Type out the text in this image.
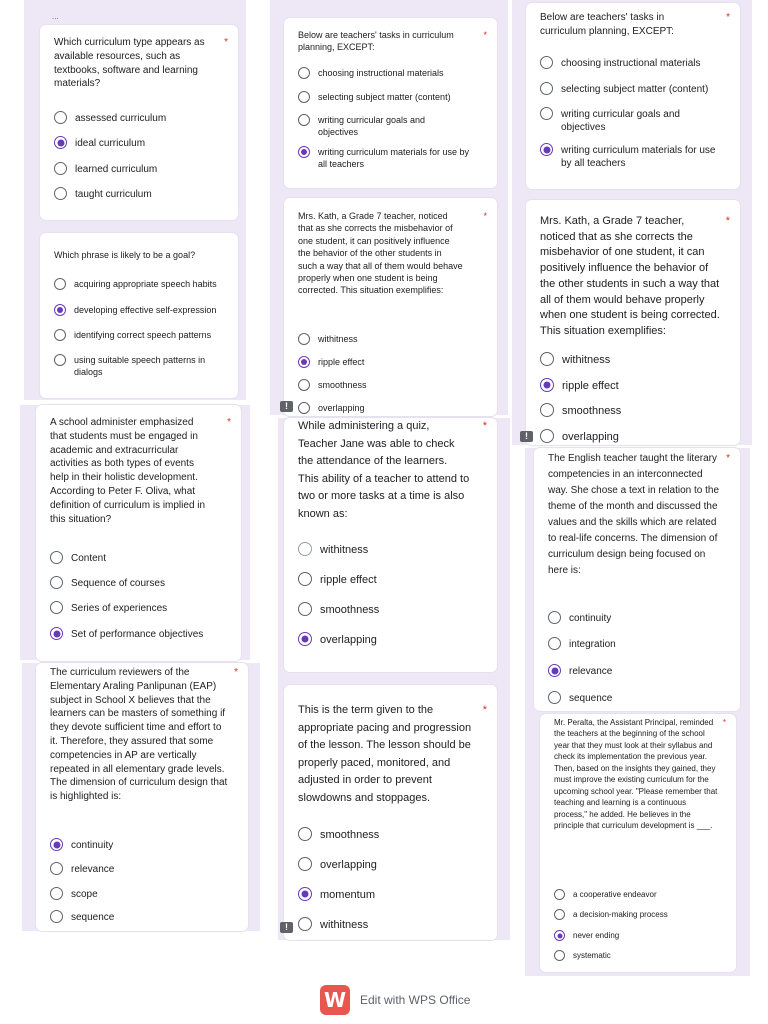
...
Which curriculum type appears as available resources, such as textbooks, software and learning materials?
*
assessed curriculum
ideal curriculum
learned curriculum
taught curriculum
Which phrase is likely to be a goal?
acquiring appropriate speech habits
developing effective self-expression
identifying correct speech patterns
using suitable speech patterns in dialogs
A school administer emphasized that students must be engaged in academic and extracurricular activities as both types of events help in their holistic development. According to Peter F. Oliva, what definition of curriculum is implied in this situation?
*
Content
Sequence of courses
Series of experiences
Set of performance objectives
The curriculum reviewers of the Elementary Araling Panlipunan (EAP) subject in School X believes that the learners can be masters of something if they devote sufficient time and effort to it. Therefore, they assured that some competencies in AP are vertically repeated in all elementary grade levels. The dimension of curriculum design that is highlighted is:
*
continuity
relevance
scope
sequence
Below are teachers' tasks in curriculum planning, EXCEPT:
*
choosing instructional materials
selecting subject matter (content)
writing curricular goals and objectives
writing curriculum materials for use by all teachers
Mrs. Kath, a Grade 7 teacher, noticed that as she corrects the misbehavior of one student, it can positively influence the behavior of the other students in such a way that all of them would behave properly when one student is being corrected. This situation exemplifies:
*
withitness
ripple effect
smoothness
overlapping
!
While administering a quiz, Teacher Jane was able to check the attendance of the learners. This ability of a teacher to attend to two or more tasks at a time is also known as:
*
withitness
ripple effect
smoothness
overlapping
This is the term given to the appropriate pacing and progression of the lesson. The lesson should be properly paced, monitored, and adjusted in order to prevent slowdowns and stoppages.
*
smoothness
overlapping
momentum
withitness
!
Below are teachers' tasks in curriculum planning, EXCEPT:
*
choosing instructional materials
selecting subject matter (content)
writing curricular goals and objectives
writing curriculum materials for use by all teachers
Mrs. Kath, a Grade 7 teacher, noticed that as she corrects the misbehavior of one student, it can positively influence the behavior of the other students in such a way that all of them would behave properly when one student is being corrected. This situation exemplifies:
*
withitness
ripple effect
smoothness
overlapping
!
The English teacher taught the literary competencies in an interconnected way. She chose a text in relation to the theme of the month and discussed the values and the skills which are related to real-life concerns. The dimension of curriculum design being focused on here is:
*
continuity
integration
relevance
sequence
Mr. Peralta, the Assistant Principal, reminded the teachers at the beginning of the school year that they must look at their syllabus and check its implementation the previous year. Then, based on the insights they gained, they must improve the existing curriculum for the upcoming school year. "Please remember that teaching and learning is a continuous process," he added. He believes in the principle that curriculum development is ___.
*
a cooperative endeavor
a decision-making process
never ending
systematic
W	Edit with WPS Office
